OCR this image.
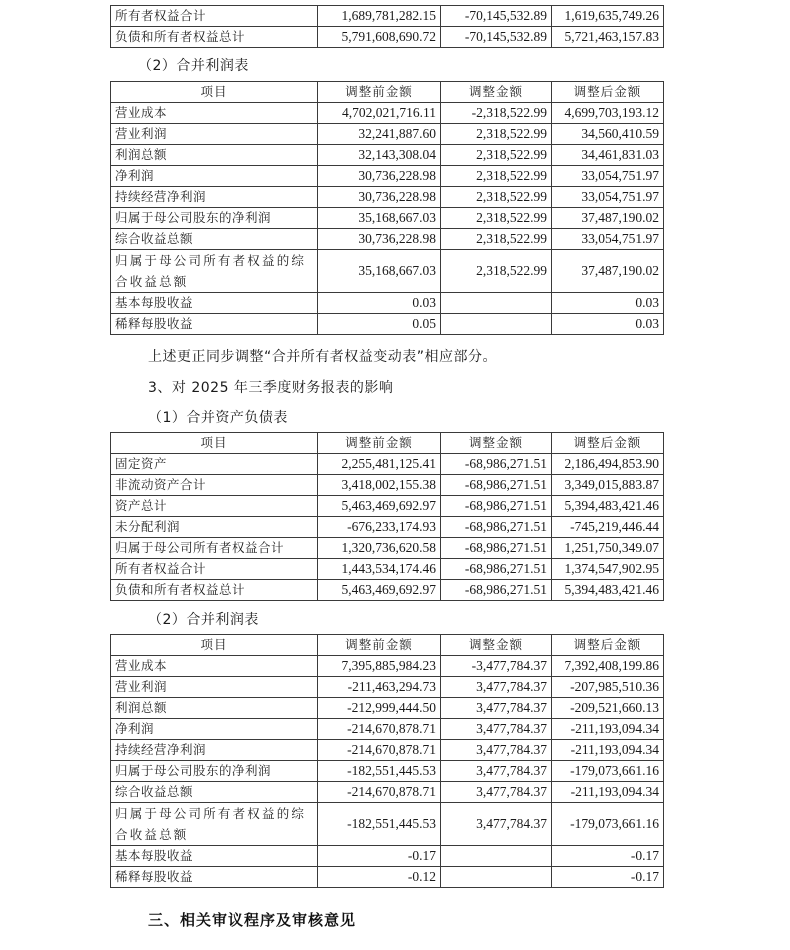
所有者权益合计	1,689,781,282.15	-70,145,532.89	1,619,635,749.26
负债和所有者权益总计	5,791,608,690.72	-70,145,532.89	5,721,463,157.83
（2）合并利润表
项目	调整前金额	调整金额	调整后金额
营业成本	4,702,021,716.11	-2,318,522.99	4,699,703,193.12
营业利润	32,241,887.60	2,318,522.99	34,560,410.59
利润总额	32,143,308.04	2,318,522.99	34,461,831.03
净利润	30,736,228.98	2,318,522.99	33,054,751.97
持续经营净利润	30,736,228.98	2,318,522.99	33,054,751.97
归属于母公司股东的净利润	35,168,667.03	2,318,522.99	37,487,190.02
综合收益总额	30,736,228.98	2,318,522.99	33,054,751.97
归属于母公司所有者权益的综合收益总额	35,168,667.03	2,318,522.99	37,487,190.02
基本每股收益	0.03		0.03
稀释每股收益	0.05		0.03
上述更正同步调整“合并所有者权益变动表”相应部分。
3、对 2025 年三季度财务报表的影响
（1）合并资产负债表
项目	调整前金额	调整金额	调整后金额
固定资产	2,255,481,125.41	-68,986,271.51	2,186,494,853.90
非流动资产合计	3,418,002,155.38	-68,986,271.51	3,349,015,883.87
资产总计	5,463,469,692.97	-68,986,271.51	5,394,483,421.46
未分配利润	-676,233,174.93	-68,986,271.51	-745,219,446.44
归属于母公司所有者权益合计	1,320,736,620.58	-68,986,271.51	1,251,750,349.07
所有者权益合计	1,443,534,174.46	-68,986,271.51	1,374,547,902.95
负债和所有者权益总计	5,463,469,692.97	-68,986,271.51	5,394,483,421.46
（2）合并利润表
项目	调整前金额	调整金额	调整后金额
营业成本	7,395,885,984.23	-3,477,784.37	7,392,408,199.86
营业利润	-211,463,294.73	3,477,784.37	-207,985,510.36
利润总额	-212,999,444.50	3,477,784.37	-209,521,660.13
净利润	-214,670,878.71	3,477,784.37	-211,193,094.34
持续经营净利润	-214,670,878.71	3,477,784.37	-211,193,094.34
归属于母公司股东的净利润	-182,551,445.53	3,477,784.37	-179,073,661.16
综合收益总额	-214,670,878.71	3,477,784.37	-211,193,094.34
归属于母公司所有者权益的综合收益总额	-182,551,445.53	3,477,784.37	-179,073,661.16
基本每股收益	-0.17		-0.17
稀释每股收益	-0.12		-0.17
三、相关审议程序及审核意见
